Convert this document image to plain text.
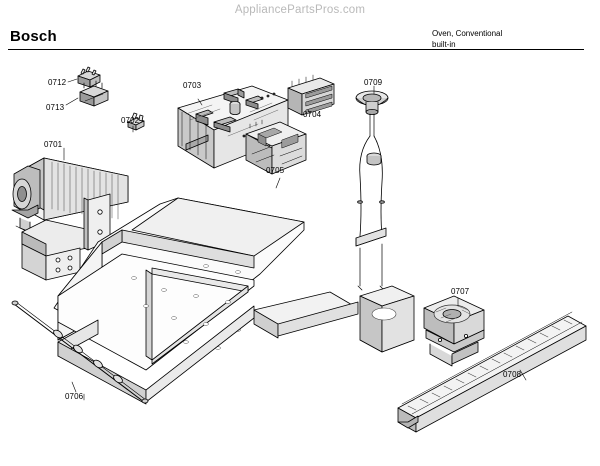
AppliancePartsPros.com
Bosch	Oven, Conventional
built-in
0712
0713
0702
0703
0704
0705
0709
0701
0707
0708
0706
